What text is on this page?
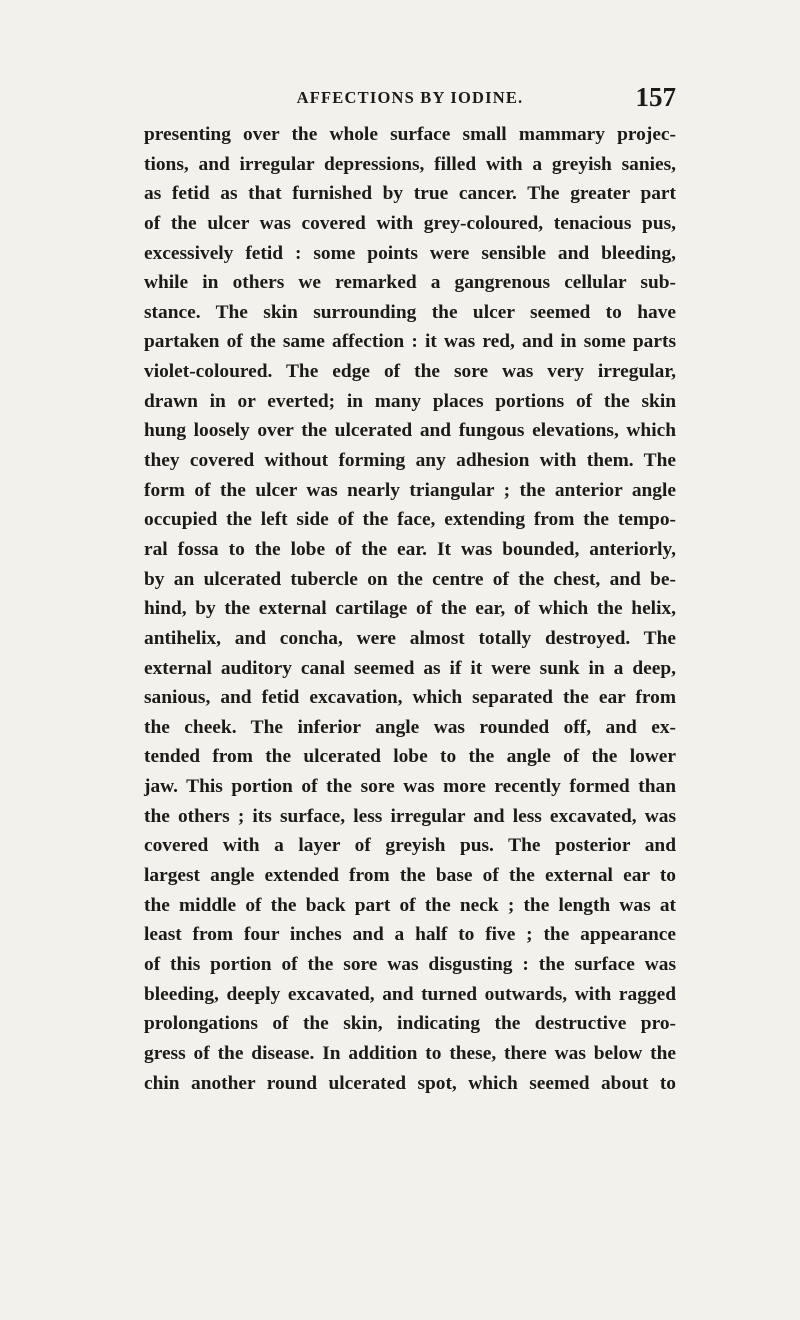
AFFECTIONS BY IODINE.	157
presenting over the whole surface small mammary projec-
tions, and irregular depressions, filled with a greyish sanies,
as fetid as that furnished by true cancer. The greater part
of the ulcer was covered with grey-coloured, tenacious pus,
excessively fetid : some points were sensible and bleeding,
while in others we remarked a gangrenous cellular sub-
stance. The skin surrounding the ulcer seemed to have
partaken of the same affection : it was red, and in some parts
violet-coloured. The edge of the sore was very irregular,
drawn in or everted; in many places portions of the skin
hung loosely over the ulcerated and fungous elevations, which
they covered without forming any adhesion with them. The
form of the ulcer was nearly triangular ; the anterior angle
occupied the left side of the face, extending from the tempo-
ral fossa to the lobe of the ear. It was bounded, anteriorly,
by an ulcerated tubercle on the centre of the chest, and be-
hind, by the external cartilage of the ear, of which the helix,
antihelix, and concha, were almost totally destroyed. The
external auditory canal seemed as if it were sunk in a deep,
sanious, and fetid excavation, which separated the ear from
the cheek. The inferior angle was rounded off, and ex-
tended from the ulcerated lobe to the angle of the lower
jaw. This portion of the sore was more recently formed than
the others ; its surface, less irregular and less excavated, was
covered with a layer of greyish pus. The posterior and
largest angle extended from the base of the external ear to
the middle of the back part of the neck ; the length was at
least from four inches and a half to five ; the appearance
of this portion of the sore was disgusting : the surface was
bleeding, deeply excavated, and turned outwards, with ragged
prolongations of the skin, indicating the destructive pro-
gress of the disease. In addition to these, there was below the
chin another round ulcerated spot, which seemed about to
